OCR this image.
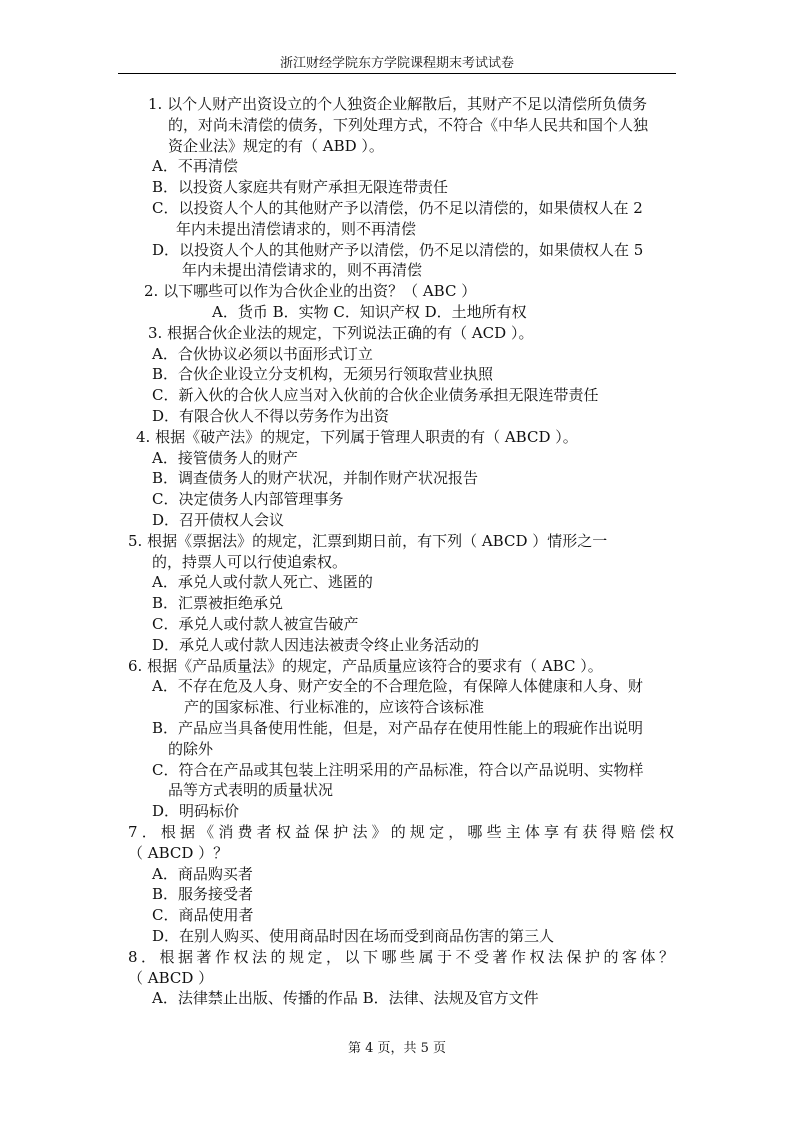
浙江财经学院东方学院课程期末考试试卷
1. 以个人财产出资设立的个人独资企业解散后，其财产不足以清偿所负债务
的，对尚未清偿的债务，下列处理方式，不符合《中华人民共和国个人独
资企业法》规定的有（ ABD ）。
A．不再清偿
B．以投资人家庭共有财产承担无限连带责任
C．以投资人个人的其他财产予以清偿，仍不足以清偿的，如果债权人在 2
年内未提出清偿请求的，则不再清偿
D．以投资人个人的其他财产予以清偿，仍不足以清偿的，如果债权人在 5
年内未提出清偿请求的，则不再清偿
2. 以下哪些可以作为合伙企业的出资？（ ABC ）
A．货币 B．实物 C．知识产权 D．土地所有权
3. 根据合伙企业法的规定，下列说法正确的有（ ACD ）。
A．合伙协议必须以书面形式订立
B．合伙企业设立分支机构，无须另行领取营业执照
C．新入伙的合伙人应当对入伙前的合伙企业债务承担无限连带责任
D．有限合伙人不得以劳务作为出资
4. 根据《破产法》的规定，下列属于管理人职责的有（ ABCD ）。
A．接管债务人的财产
B．调查债务人的财产状况，并制作财产状况报告
C．决定债务人内部管理事务
D．召开债权人会议
5. 根据《票据法》的规定，汇票到期日前，有下列（ ABCD ）情形之一
的，持票人可以行使追索权。
A．承兑人或付款人死亡、逃匿的
B．汇票被拒绝承兑
C．承兑人或付款人被宣告破产
D．承兑人或付款人因违法被责令终止业务活动的
6. 根据《产品质量法》的规定，产品质量应该符合的要求有（ ABC ）。
A．不存在危及人身、财产安全的不合理危险，有保障人体健康和人身、财
产的国家标准、行业标准的，应该符合该标准
B．产品应当具备使用性能，但是，对产品存在使用性能上的瑕疵作出说明
的除外
C．符合在产品或其包装上注明采用的产品标准，符合以产品说明、实物样
品等方式表明的质量状况
D．明码标价
7．根据《消费者权益保护法》的规定，哪些主体享有获得赔偿权
（ ABCD ）？
A．商品购买者
B．服务接受者
C．商品使用者
D．在别人购买、使用商品时因在场而受到商品伤害的第三人
8．根据著作权法的规定，以下哪些属于不受著作权法保护的客体？
（ ABCD ）
A．法律禁止出版、传播的作品 B．法律、法规及官方文件
第 4 页，共 5 页
